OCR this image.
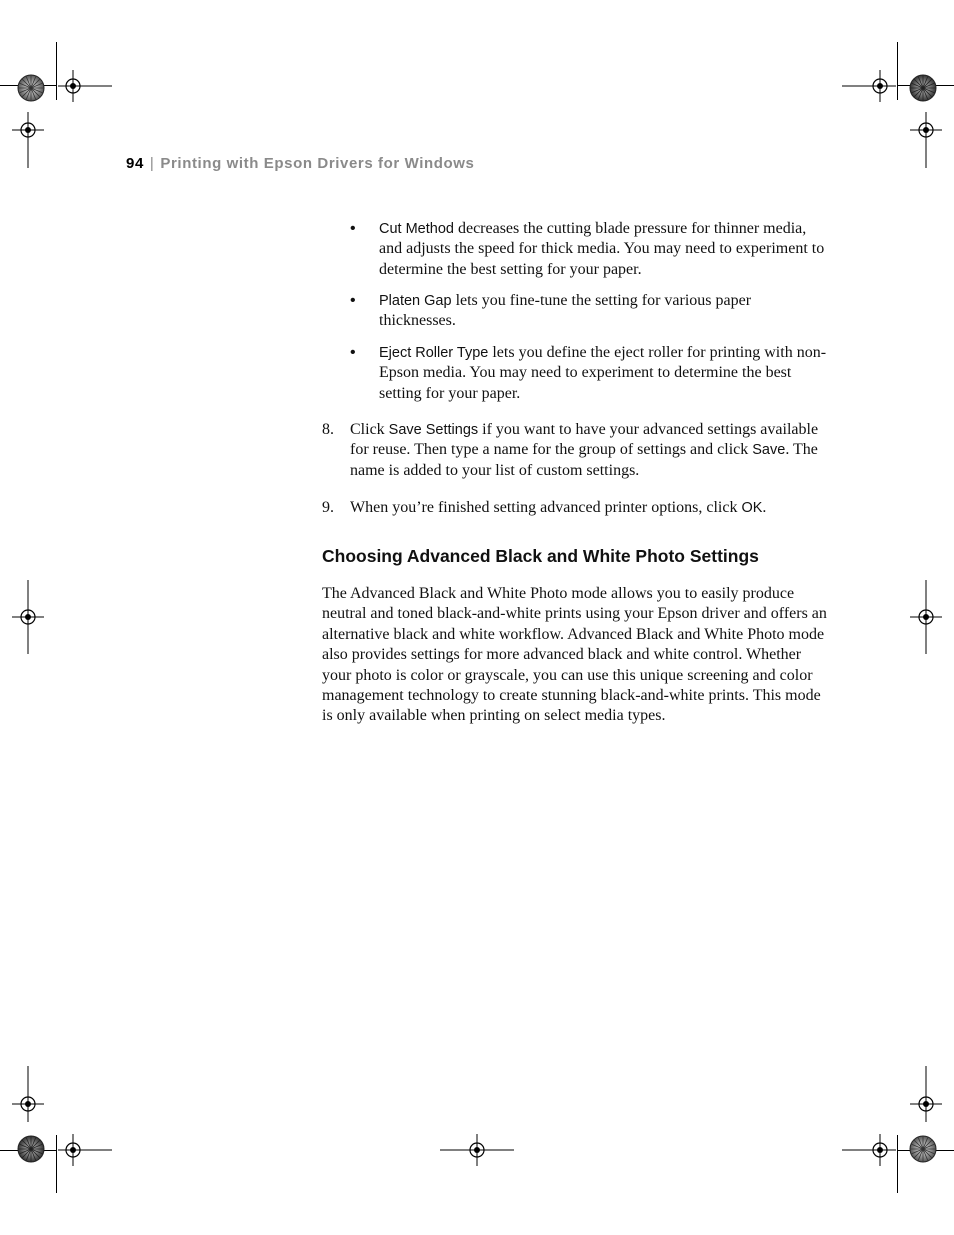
94 | Printing with Epson Drivers for Windows
• Cut Method decreases the cutting blade pressure for thinner media, and adjusts the speed for thick media. You may need to experiment to determine the best setting for your paper.
• Platen Gap lets you fine-tune the setting for various paper thicknesses.
• Eject Roller Type lets you define the eject roller for printing with non-Epson media. You may need to experiment to determine the best setting for your paper.
8. Click Save Settings if you want to have your advanced settings available for reuse. Then type a name for the group of settings and click Save. The name is added to your list of custom settings.
9. When you’re finished setting advanced printer options, click OK.
Choosing Advanced Black and White Photo Settings
The Advanced Black and White Photo mode allows you to easily produce neutral and toned black-and-white prints using your Epson driver and offers an alternative black and white workflow. Advanced Black and White Photo mode also provides settings for more advanced black and white control. Whether your photo is color or grayscale, you can use this unique screening and color management technology to create stunning black-and-white prints. This mode is only available when printing on select media types.
